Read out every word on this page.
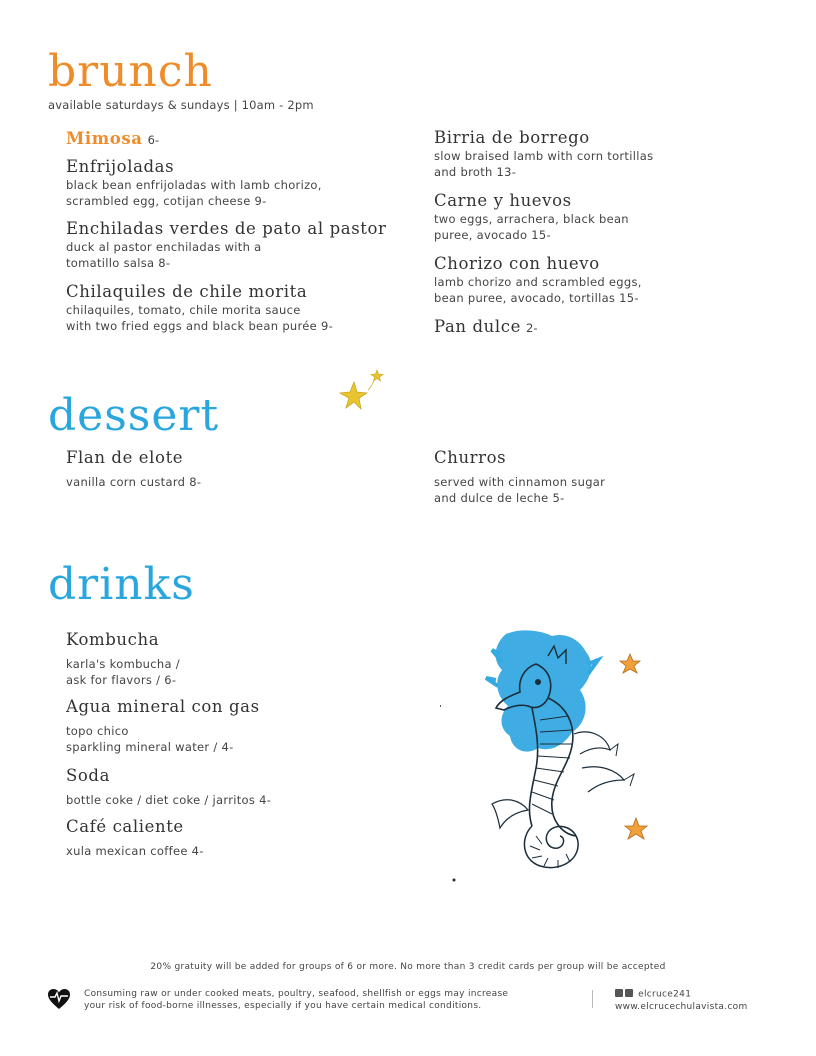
brunch
available saturdays & sundays | 10am - 2pm
Mimosa 6-
Enfrijoladas
black bean enfrijoladas with lamb chorizo,
scrambled egg, cotijan cheese 9-
Enchiladas verdes de pato al pastor
duck al pastor enchiladas with a
tomatillo salsa 8-
Chilaquiles de chile morita
chilaquiles, tomato, chile morita sauce
with two fried eggs and black bean purée 9-
Birria de borrego
slow braised lamb with corn tortillas
and broth 13-
Carne y huevos
two eggs, arrachera, black bean
puree, avocado 15-
Chorizo con huevo
lamb chorizo and scrambled eggs,
bean puree, avocado, tortillas 15-
Pan dulce 2-
dessert
Flan de elote
vanilla corn custard 8-
Churros
served with cinnamon sugar
and dulce de leche 5-
drinks
Kombucha
karla's kombucha /
ask for flavors / 6-
Agua mineral con gas
topo chico
sparkling mineral water / 4-
Soda
bottle coke / diet coke / jarritos 4-
Café caliente
xula mexican coffee 4-
20% gratuity will be added for groups of 6 or more. No more than 3 credit cards per group will be accepted
Consuming raw or under cooked meats, poultry, seafood, shellfish or eggs may increase
your risk of food-borne illnesses, especially if you have certain medical conditions.
elcruce241
www.elcrucechulavista.com
